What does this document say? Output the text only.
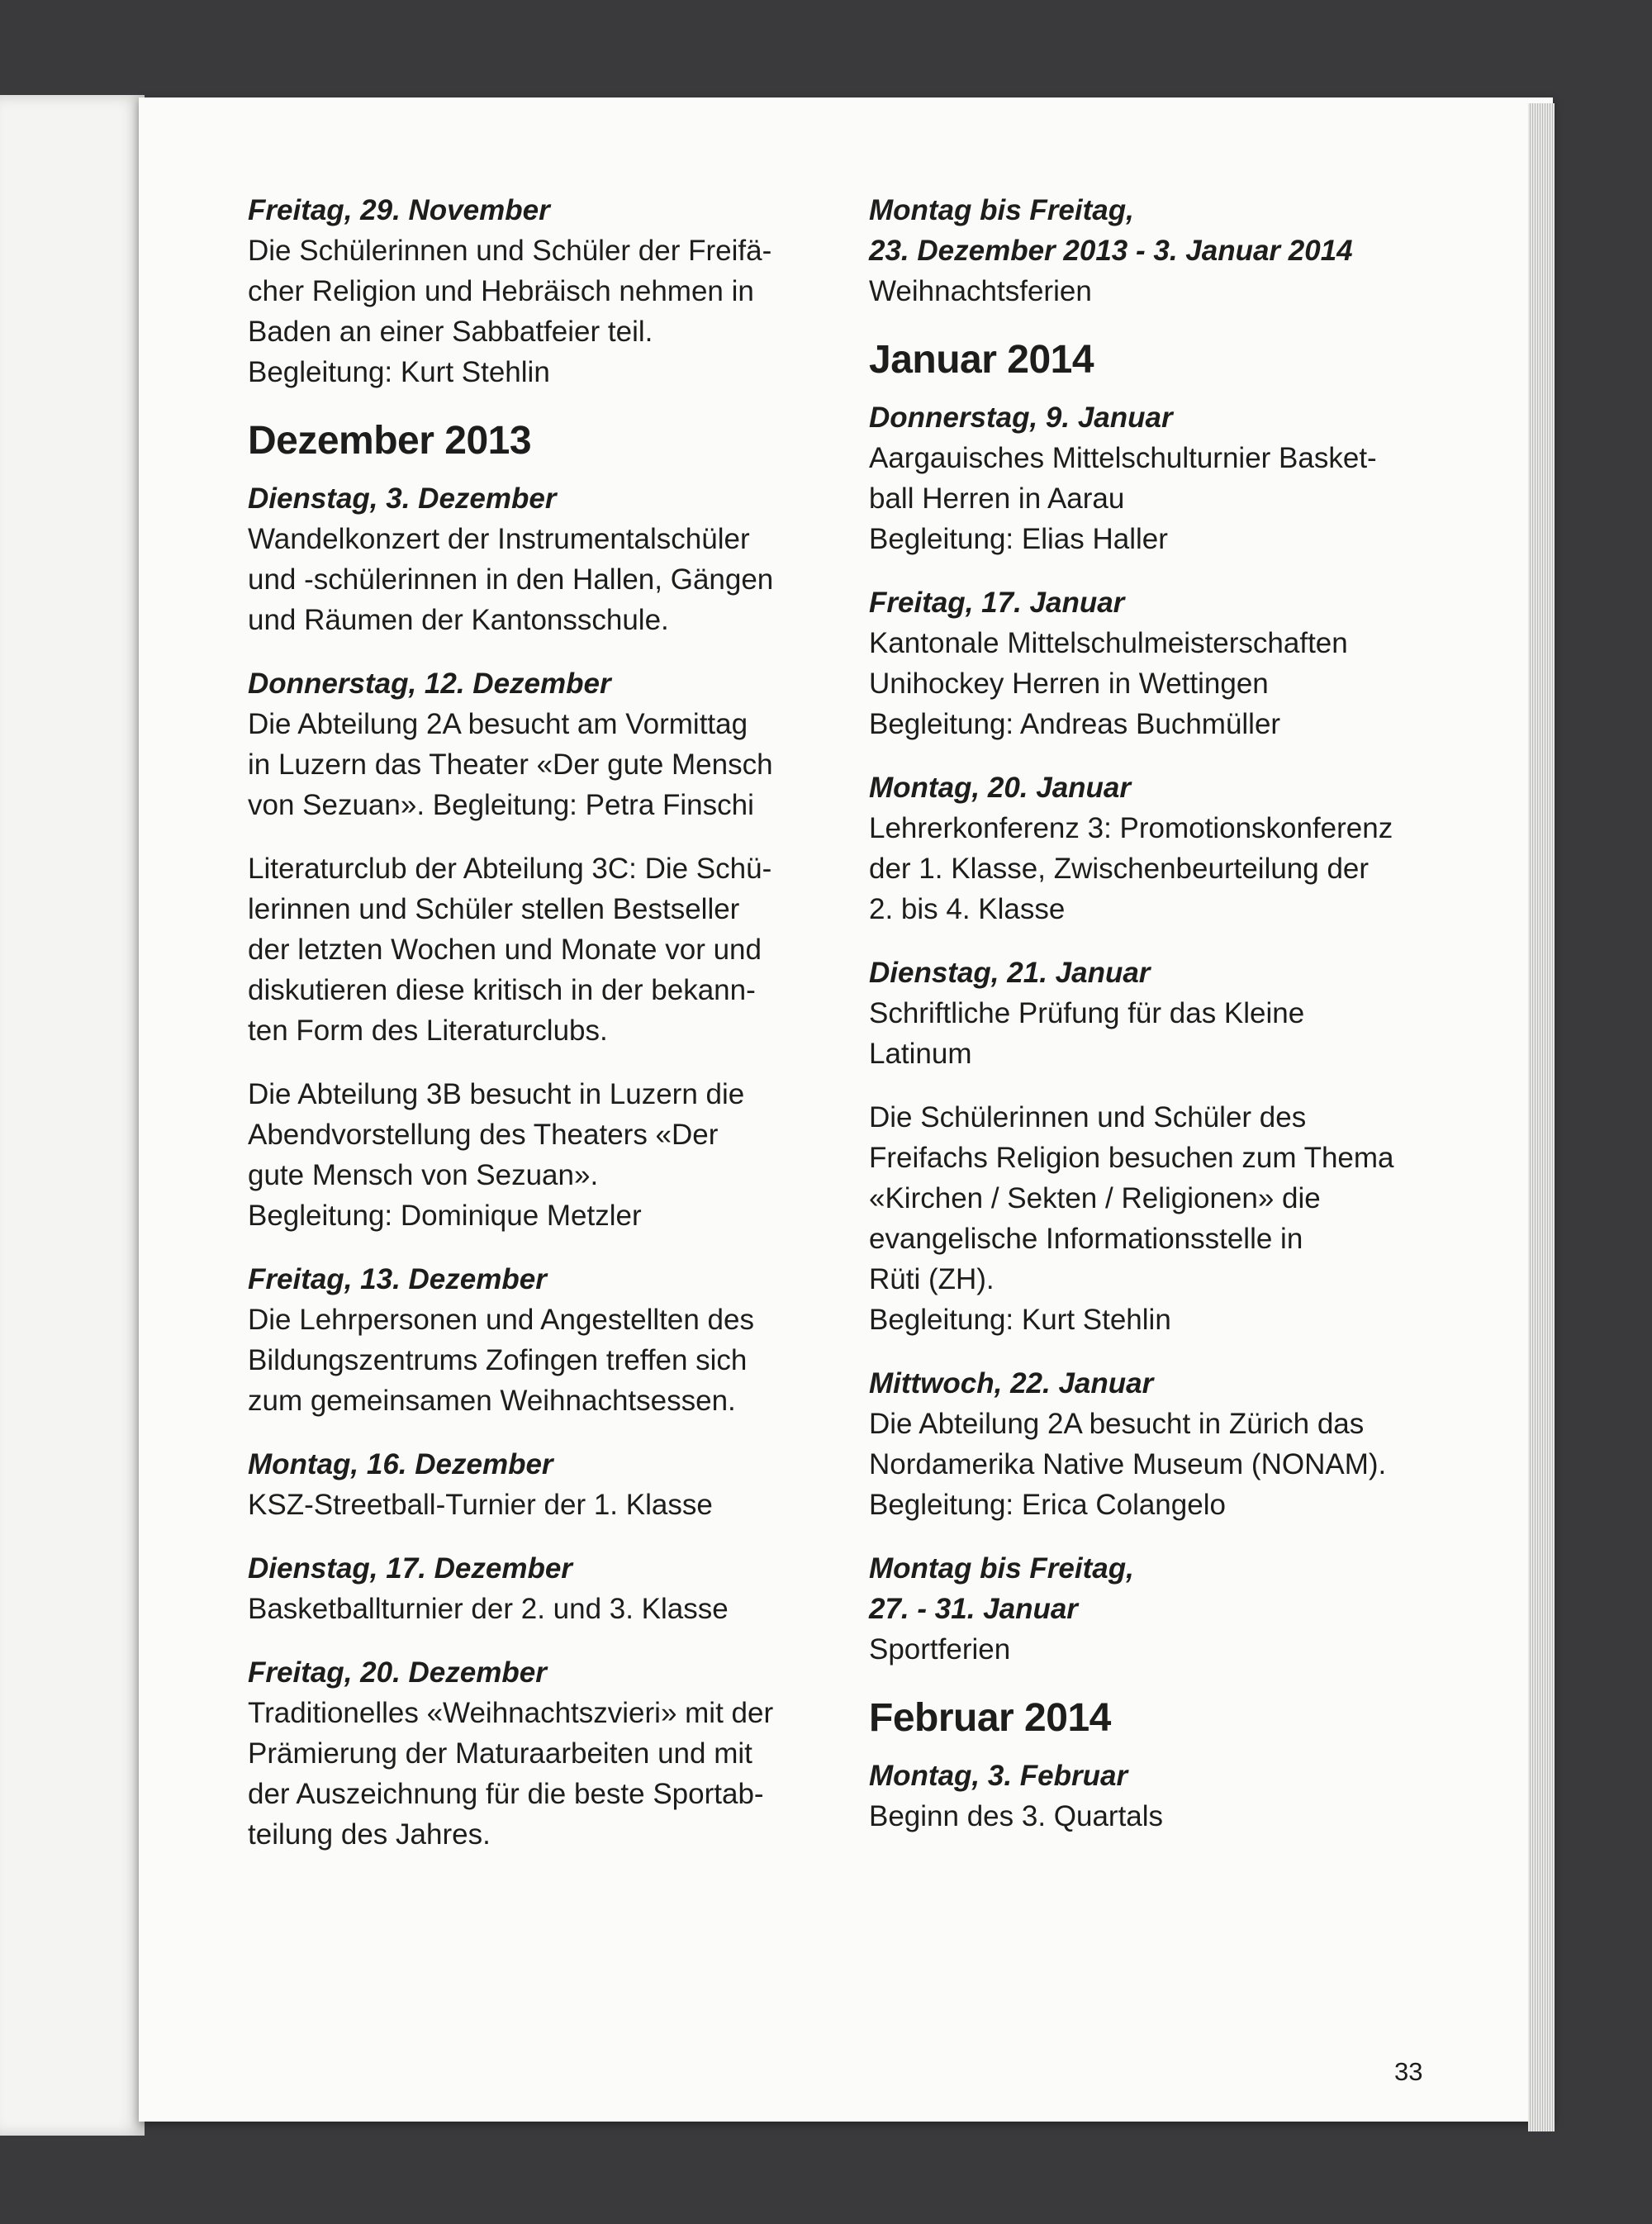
Freitag, 29. November

Die Schülerinnen und Schüler der Freifä-

cher Religion und Hebräisch nehmen in

Baden an einer Sabbatfeier teil.

Begleitung: Kurt Stehlin

Dezember 2013
Dienstag, 3. Dezember

Wandelkonzert der Instrumentalschüler

und -schülerinnen in den Hallen, Gängen

und Räumen der Kantonsschule.

Donnerstag, 12. Dezember

Die Abteilung 2A besucht am Vormittag

in Luzern das Theater «Der gute Mensch

von Sezuan». Begleitung: Petra Finschi

Literaturclub der Abteilung 3C: Die Schü-

lerinnen und Schüler stellen Bestseller

der letzten Wochen und Monate vor und

diskutieren diese kritisch in der bekann-

ten Form des Literaturclubs.

Die Abteilung 3B besucht in Luzern die

Abendvorstellung des Theaters «Der

gute Mensch von Sezuan».

Begleitung: Dominique Metzler

Freitag, 13. Dezember

Die Lehrpersonen und Angestellten des

Bildungszentrums Zofingen treffen sich

zum gemeinsamen Weihnachtsessen.

Montag, 16. Dezember

KSZ-Streetball-Turnier der 1. Klasse

Dienstag, 17. Dezember

Basketballturnier der 2. und 3. Klasse

Freitag, 20. Dezember

Traditionelles «Weihnachtszvieri» mit der

Prämierung der Maturaarbeiten und mit

der Auszeichnung für die beste Sportab-

teilung des Jahres.

Montag bis Freitag,
23. Dezember 2013 - 3. Januar 2014

Weihnachtsferien

Januar 2014
Donnerstag, 9. Januar

Aargauisches Mittelschulturnier Basket-

ball Herren in Aarau

Begleitung: Elias Haller

Freitag, 17. Januar

Kantonale Mittelschulmeisterschaften

Unihockey Herren in Wettingen

Begleitung: Andreas Buchmüller

Montag, 20. Januar

Lehrerkonferenz 3: Promotionskonferenz

der 1. Klasse, Zwischenbeurteilung der

2. bis 4. Klasse

Dienstag, 21. Januar

Schriftliche Prüfung für das Kleine

Latinum

Die Schülerinnen und Schüler des

Freifachs Religion besuchen zum Thema

«Kirchen / Sekten / Religionen» die

evangelische Informationsstelle in

Rüti (ZH).

Begleitung: Kurt Stehlin

Mittwoch, 22. Januar

Die Abteilung 2A besucht in Zürich das

Nordamerika Native Museum (NONAM).

Begleitung: Erica Colangelo

Montag bis Freitag,
27. - 31. Januar

Sportferien

Februar 2014
Montag, 3. Februar

Beginn des 3. Quartals

33
